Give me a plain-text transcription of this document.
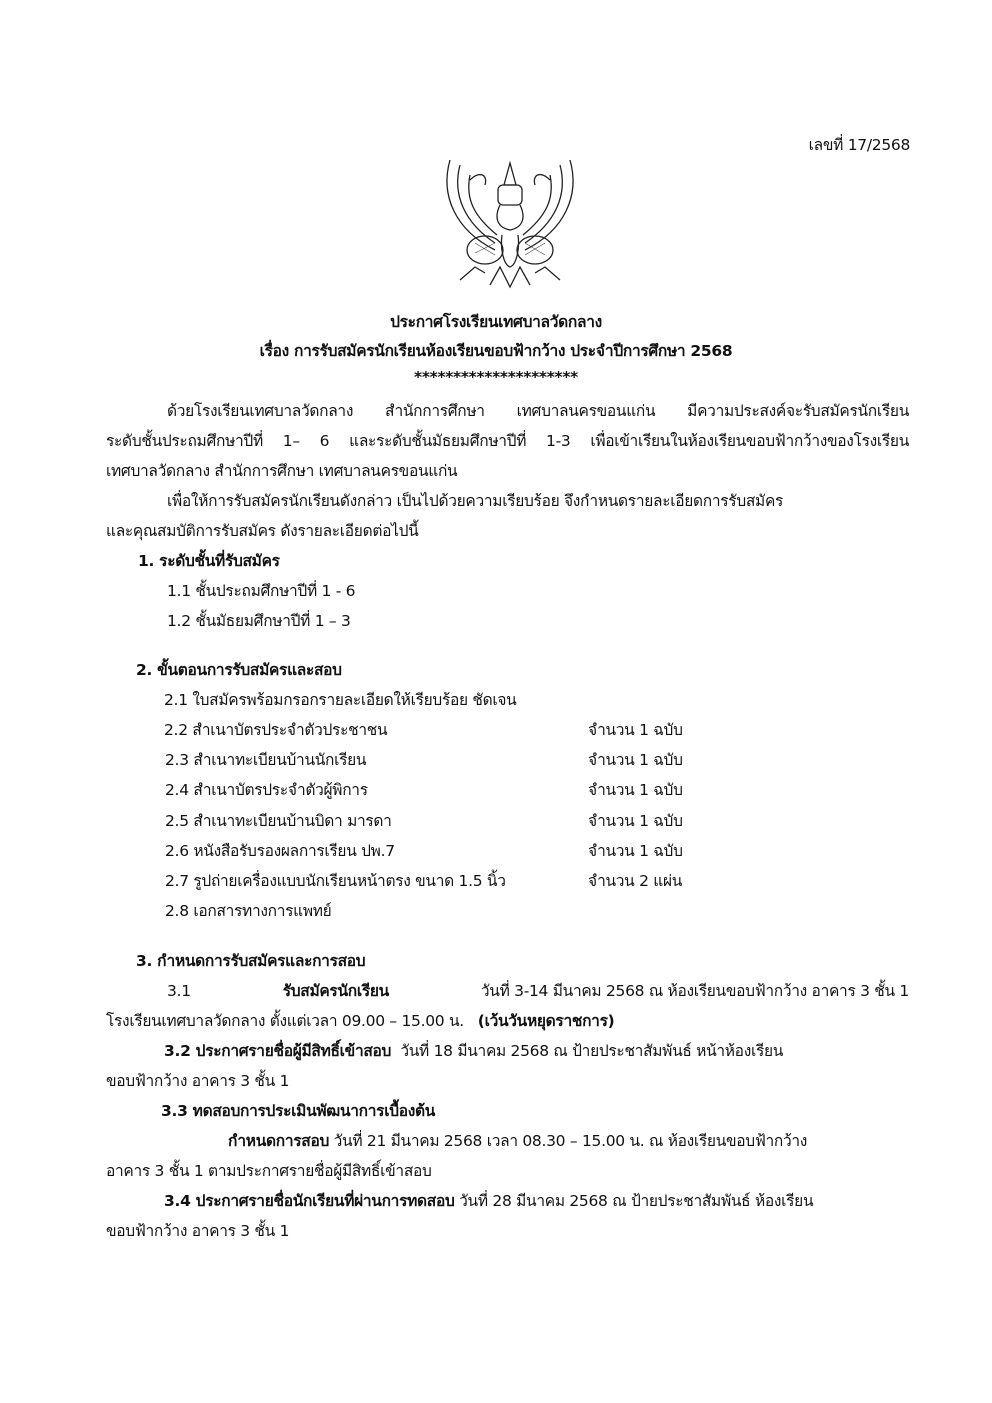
เลขที่ 17/2568
ประกาศโรงเรียนเทศบาลวัดกลาง
เรื่อง การรับสมัครนักเรียนห้องเรียนขอบฟ้ากว้าง ประจำปีการศึกษา 2568
*********************
ด้วยโรงเรียนเทศบาลวัดกลาง สำนักการศึกษา เทศบาลนครขอนแก่น มีความประสงค์จะรับสมัครนักเรียน
ระดับชั้นประถมศึกษาปีที่ 1– 6 และระดับชั้นมัธยมศึกษาปีที่ 1-3 เพื่อเข้าเรียนในห้องเรียนขอบฟ้ากว้างของโรงเรียน
เทศบาลวัดกลาง สำนักการศึกษา เทศบาลนครขอนแก่น
เพื่อให้การรับสมัครนักเรียนดังกล่าว เป็นไปด้วยความเรียบร้อย จึงกำหนดรายละเอียดการรับสมัคร
และคุณสมบัติการรับสมัคร ดังรายละเอียดต่อไปนี้
1. ระดับชั้นที่รับสมัคร
1.1 ชั้นประถมศึกษาปีที่ 1 - 6
1.2 ชั้นมัธยมศึกษาปีที่ 1 – 3
2. ขั้นตอนการรับสมัครและสอบ
2.1 ใบสมัครพร้อมกรอกรายละเอียดให้เรียบร้อย ชัดเจน
2.2 สำเนาบัตรประจำตัวประชาชน	จำนวน 1 ฉบับ
2.3 สำเนาทะเบียนบ้านนักเรียน	จำนวน 1 ฉบับ
2.4 สำเนาบัตรประจำตัวผู้พิการ	จำนวน 1 ฉบับ
2.5 สำเนาทะเบียนบ้านบิดา มารดา	จำนวน 1 ฉบับ
2.6 หนังสือรับรองผลการเรียน ปพ.7	จำนวน 1 ฉบับ
2.7 รูปถ่ายเครื่องแบบนักเรียนหน้าตรง ขนาด 1.5 นิ้ว	จำนวน 2 แผ่น
2.8 เอกสารทางการแพทย์
3. กำหนดการรับสมัครและการสอบ
3.1	รับสมัครนักเรียน	วันที่ 3-14 มีนาคม 2568 ณ ห้องเรียนขอบฟ้ากว้าง อาคาร 3 ชั้น 1
โรงเรียนเทศบาลวัดกลาง ตั้งแต่เวลา 09.00 – 15.00 น. (เว้นวันหยุดราชการ)
3.2 ประกาศรายชื่อผู้มีสิทธิ์เข้าสอบ วันที่ 18 มีนาคม 2568 ณ ป้ายประชาสัมพันธ์ หน้าห้องเรียน
ขอบฟ้ากว้าง อาคาร 3 ชั้น 1
3.3 ทดสอบการประเมินพัฒนาการเบื้องต้น
กำหนดการสอบ วันที่ 21 มีนาคม 2568 เวลา 08.30 – 15.00 น. ณ ห้องเรียนขอบฟ้ากว้าง
อาคาร 3 ชั้น 1 ตามประกาศรายชื่อผู้มีสิทธิ์เข้าสอบ
3.4 ประกาศรายชื่อนักเรียนที่ผ่านการทดสอบ วันที่ 28 มีนาคม 2568 ณ ป้ายประชาสัมพันธ์ ห้องเรียน
ขอบฟ้ากว้าง อาคาร 3 ชั้น 1
